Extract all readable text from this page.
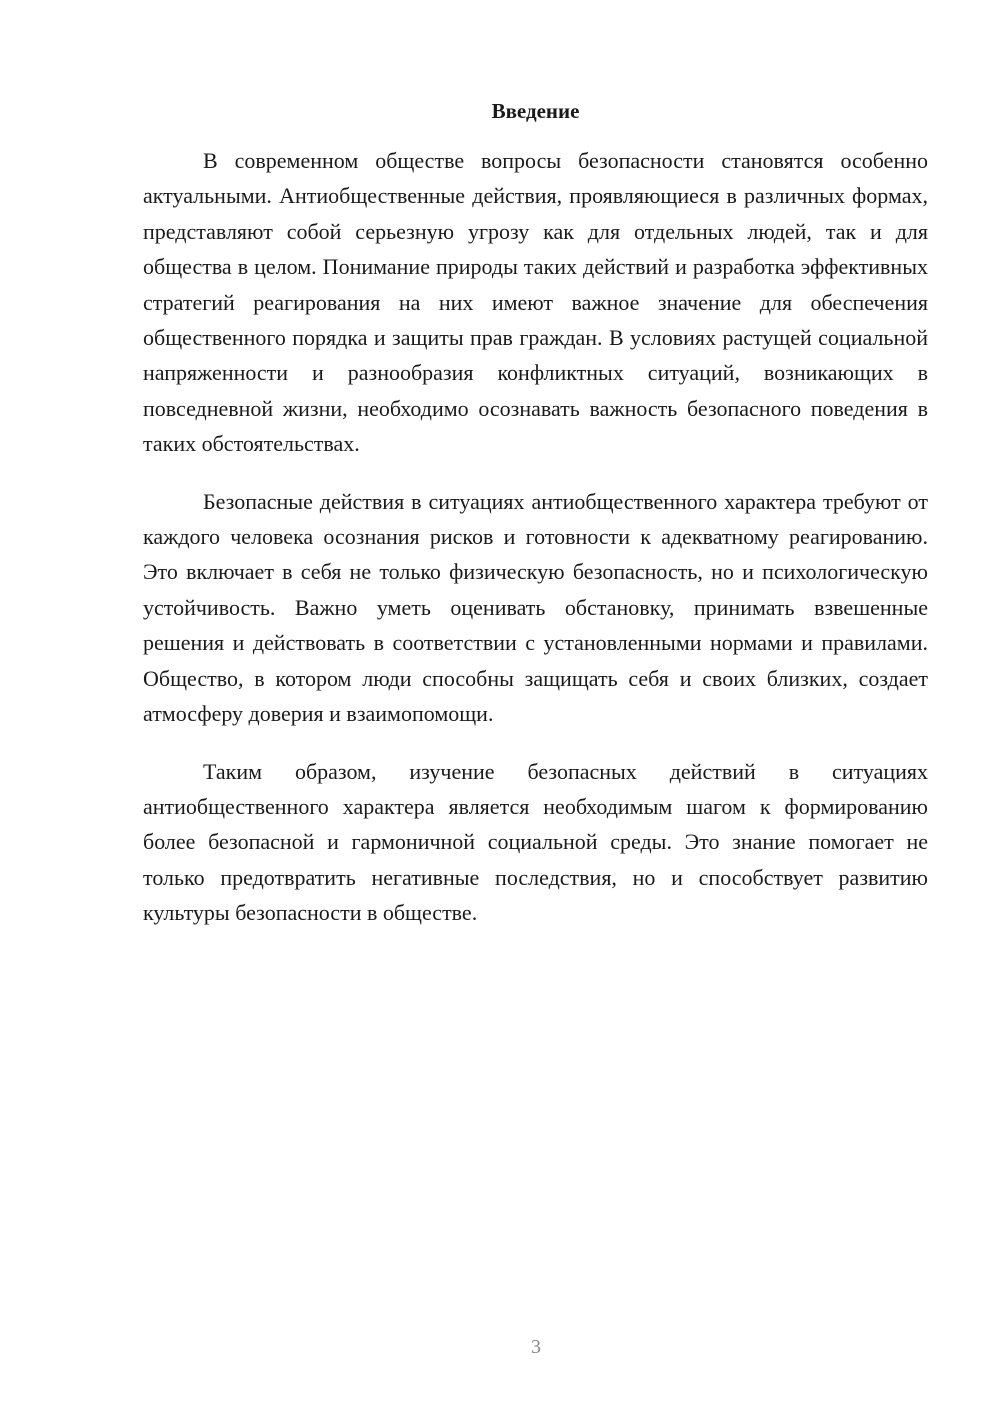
Введение

В современном обществе вопросы безопасности становятся особенно актуальными. Антиобщественные действия, проявляющиеся в различных формах, представляют собой серьезную угрозу как для отдельных людей, так и для общества в целом. Понимание природы таких действий и разработка эффективных стратегий реагирования на них имеют важное значение для обеспечения общественного порядка и защиты прав граждан. В условиях растущей социальной напряженности и разнообразия конфликтных ситуаций, возникающих в повседневной жизни, необходимо осознавать важность безопасного поведения в таких обстоятельствах.

Безопасные действия в ситуациях антиобщественного характера требуют от каждого человека осознания рисков и готовности к адекватному реагированию. Это включает в себя не только физическую безопасность, но и психологическую устойчивость. Важно уметь оценивать обстановку, принимать взвешенные решения и действовать в соответствии с установленными нормами и правилами. Общество, в котором люди способны защищать себя и своих близких, создает атмосферу доверия и взаимопомощи.

Таким образом, изучение безопасных действий в ситуациях антиобщественного характера является необходимым шагом к формированию более безопасной и гармоничной социальной среды. Это знание помогает не только предотвратить негативные последствия, но и способствует развитию культуры безопасности в обществе.

3
